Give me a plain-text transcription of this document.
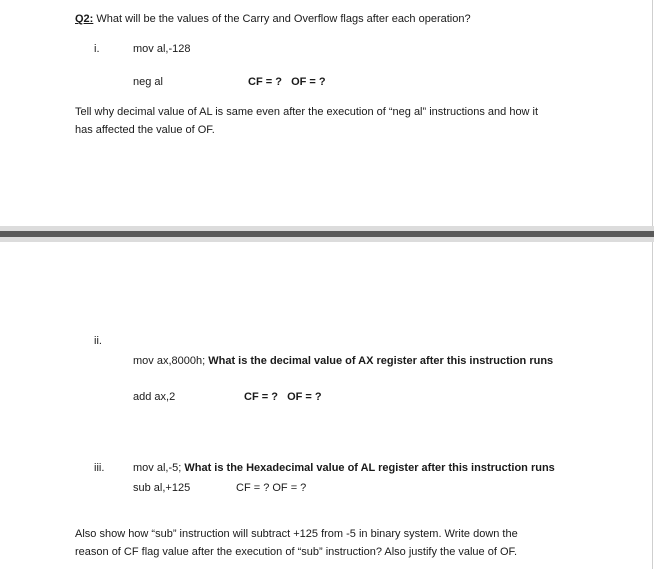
Q2: What will be the values of the Carry and Overflow flags after each operation?
i.	mov al,-128
neg al	CF = ?   OF = ?
Tell why decimal value of AL is same even after the execution of “neg al” instructions and how it
has affected the value of OF.
ii.
mov ax,8000h; What is the decimal value of AX register after this instruction runs
add ax,2	CF = ?   OF = ?
iii.	mov al,-5; What is the Hexadecimal value of AL register after this instruction runs
sub al,+125	CF = ? OF = ?
Also show how “sub” instruction will subtract +125 from -5 in binary system. Write down the
reason of CF flag value after the execution of “sub” instruction? Also justify the value of OF.
